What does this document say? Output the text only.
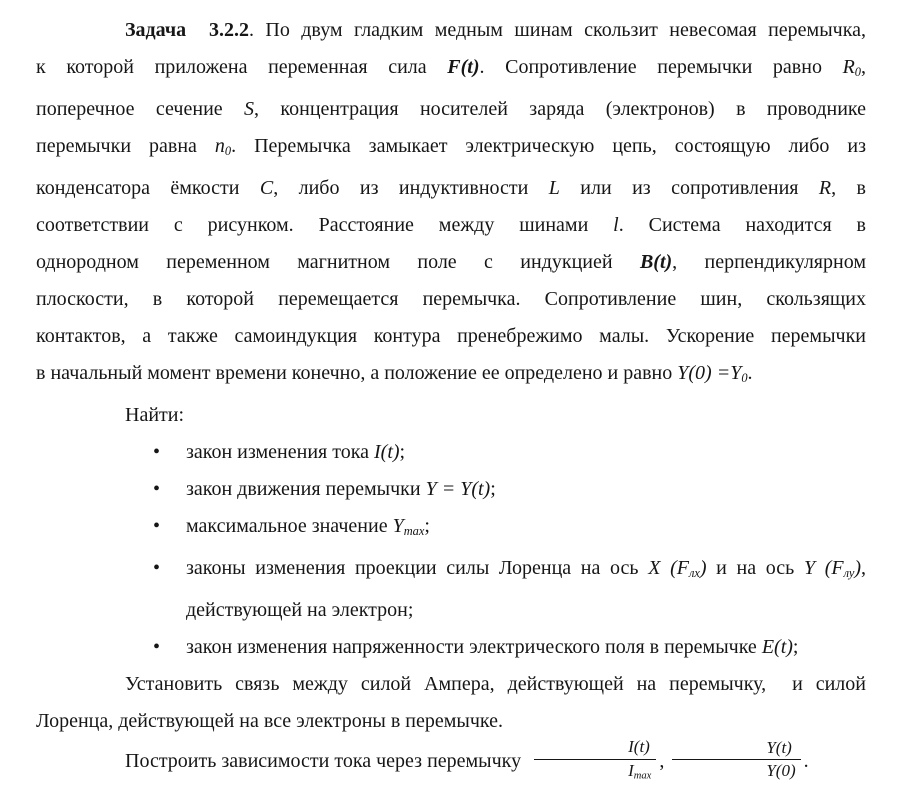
Задача  3.2.2. По двум гладким медным шинам скользит невесомая перемычка,
к которой приложена переменная сила F(t). Сопротивление перемычки равно $R_0$,
поперечное сечение S, концентрация носителей заряда (электронов) в проводнике
перемычки равна $n_0$. Перемычка замыкает электрическую цепь, состоящую либо из
конденсатора ёмкости C, либо из индуктивности L или из сопротивления R, в
соответствии с рисунком. Расстояние между шинами l. Система находится в
однородном переменном магнитном поле с индукцией B(t), перпендикулярном
плоскости, в которой перемещается перемычка. Сопротивление шин, скользящих
контактов, а также самоиндукция контура пренебрежимо малы. Ускорение перемычки
в начальный момент времени конечно, а положение ее определено и равно $Y(0) =Y_0$.
Найти:
• закон изменения тока I(t);
• закон движения перемычки Y = Y(t);
• максимальное значение $Y_{max}$;
• законы изменения проекции силы Лоренца на ось X $(F_{лх})$ и на ось Y $(F_{лу})$,
действующей на электрон;
• закон изменения напряженности электрического поля в перемычке E(t);
Установить связь между силой Ампера, действующей на перемычку,  и силой
Лоренца, действующей на все электроны в перемычке.
Построить зависимости тока через перемычку $\frac{I(t)}{I_{max}}$ , $\frac{Y(t)}{Y(0)}$ .
